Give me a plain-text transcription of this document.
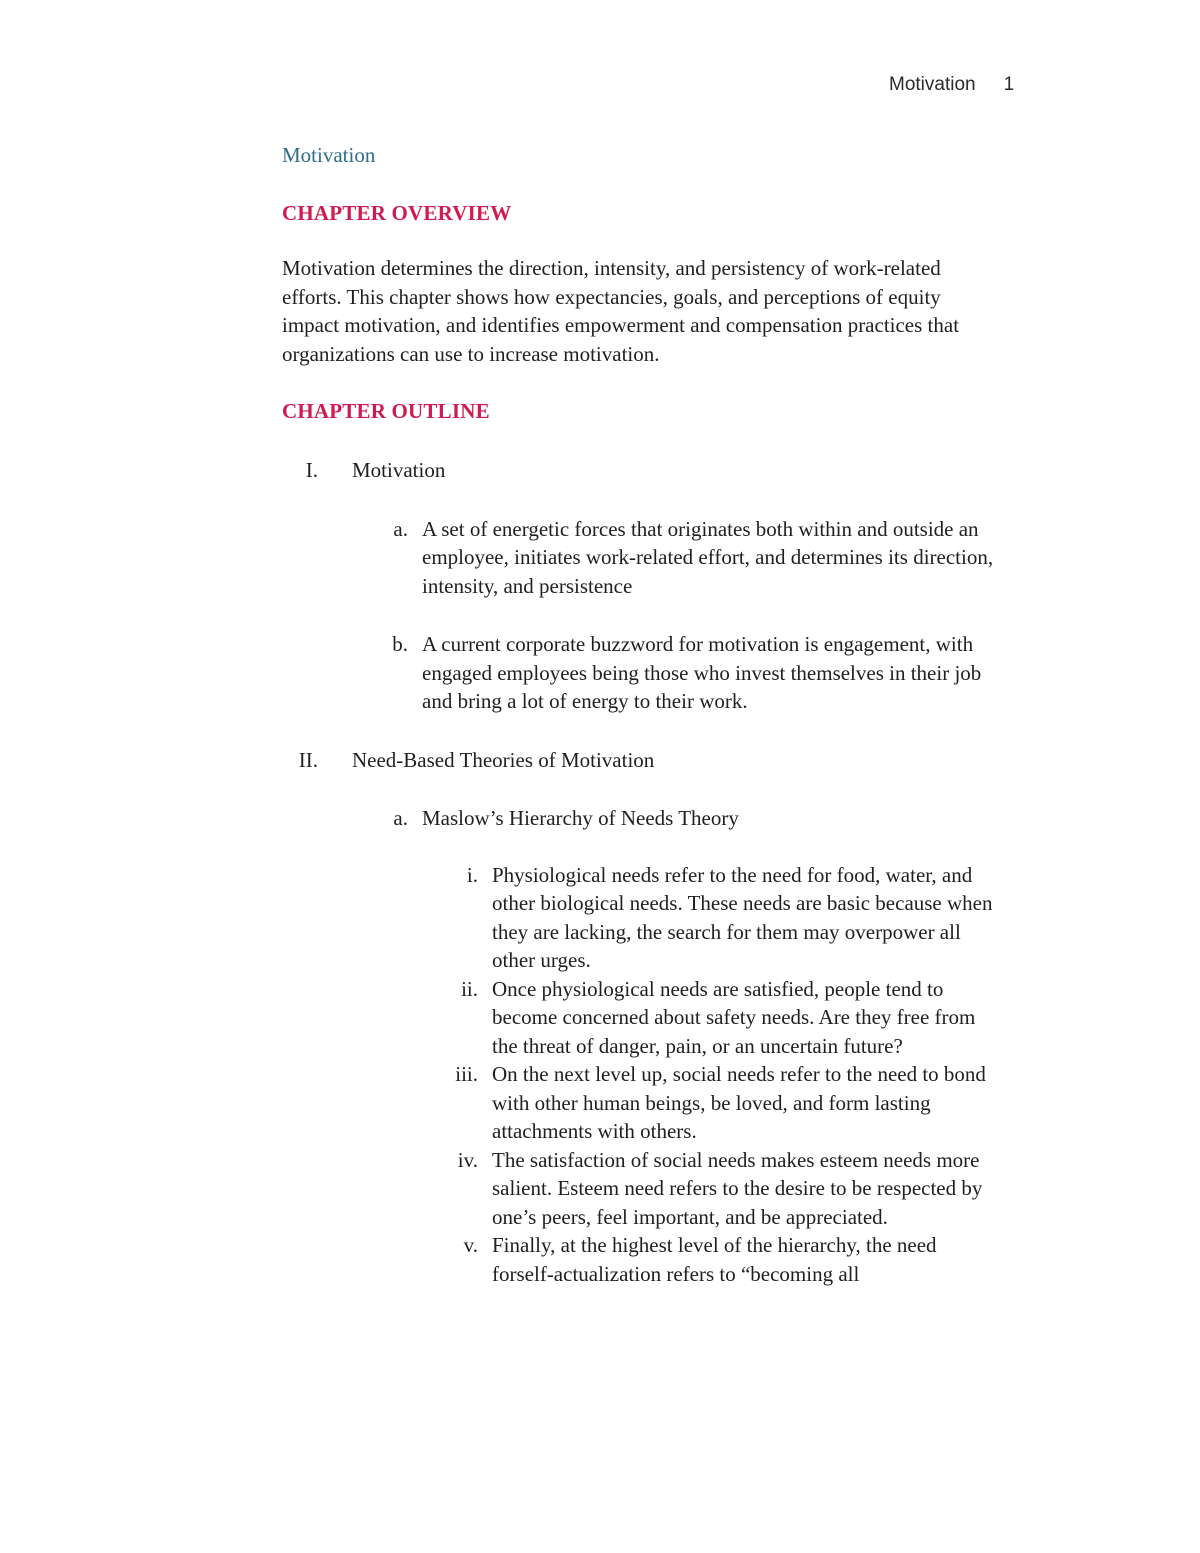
Motivation 1
Motivation
CHAPTER OVERVIEW

Motivation determines the direction, intensity, and persistency of work-related efforts. This chapter shows how expectancies, goals, and perceptions of equity impact motivation, and identifies empowerment and compensation practices that organizations can use to increase motivation.

CHAPTER OUTLINE
I. Motivation
a. A set of energetic forces that originates both within and outside an employee, initiates work-related effort, and determines its direction, intensity, and persistence
b. A current corporate buzzword for motivation is engagement, with engaged employees being those who invest themselves in their job and bring a lot of energy to their work.
II. Need-Based Theories of Motivation
a. Maslow’s Hierarchy of Needs Theory
i. Physiological needs refer to the need for food, water, and other biological needs. These needs are basic because when they are lacking, the search for them may overpower all other urges.
ii. Once physiological needs are satisfied, people tend to become concerned about safety needs. Are they free from the threat of danger, pain, or an uncertain future?
iii. On the next level up, social needs refer to the need to bond with other human beings, be loved, and form lasting attachments with others.
iv. The satisfaction of social needs makes esteem needs more salient. Esteem need refers to the desire to be respected by one’s peers, feel important, and be appreciated.
v. Finally, at the highest level of the hierarchy, the need forself-actualization refers to “becoming all
